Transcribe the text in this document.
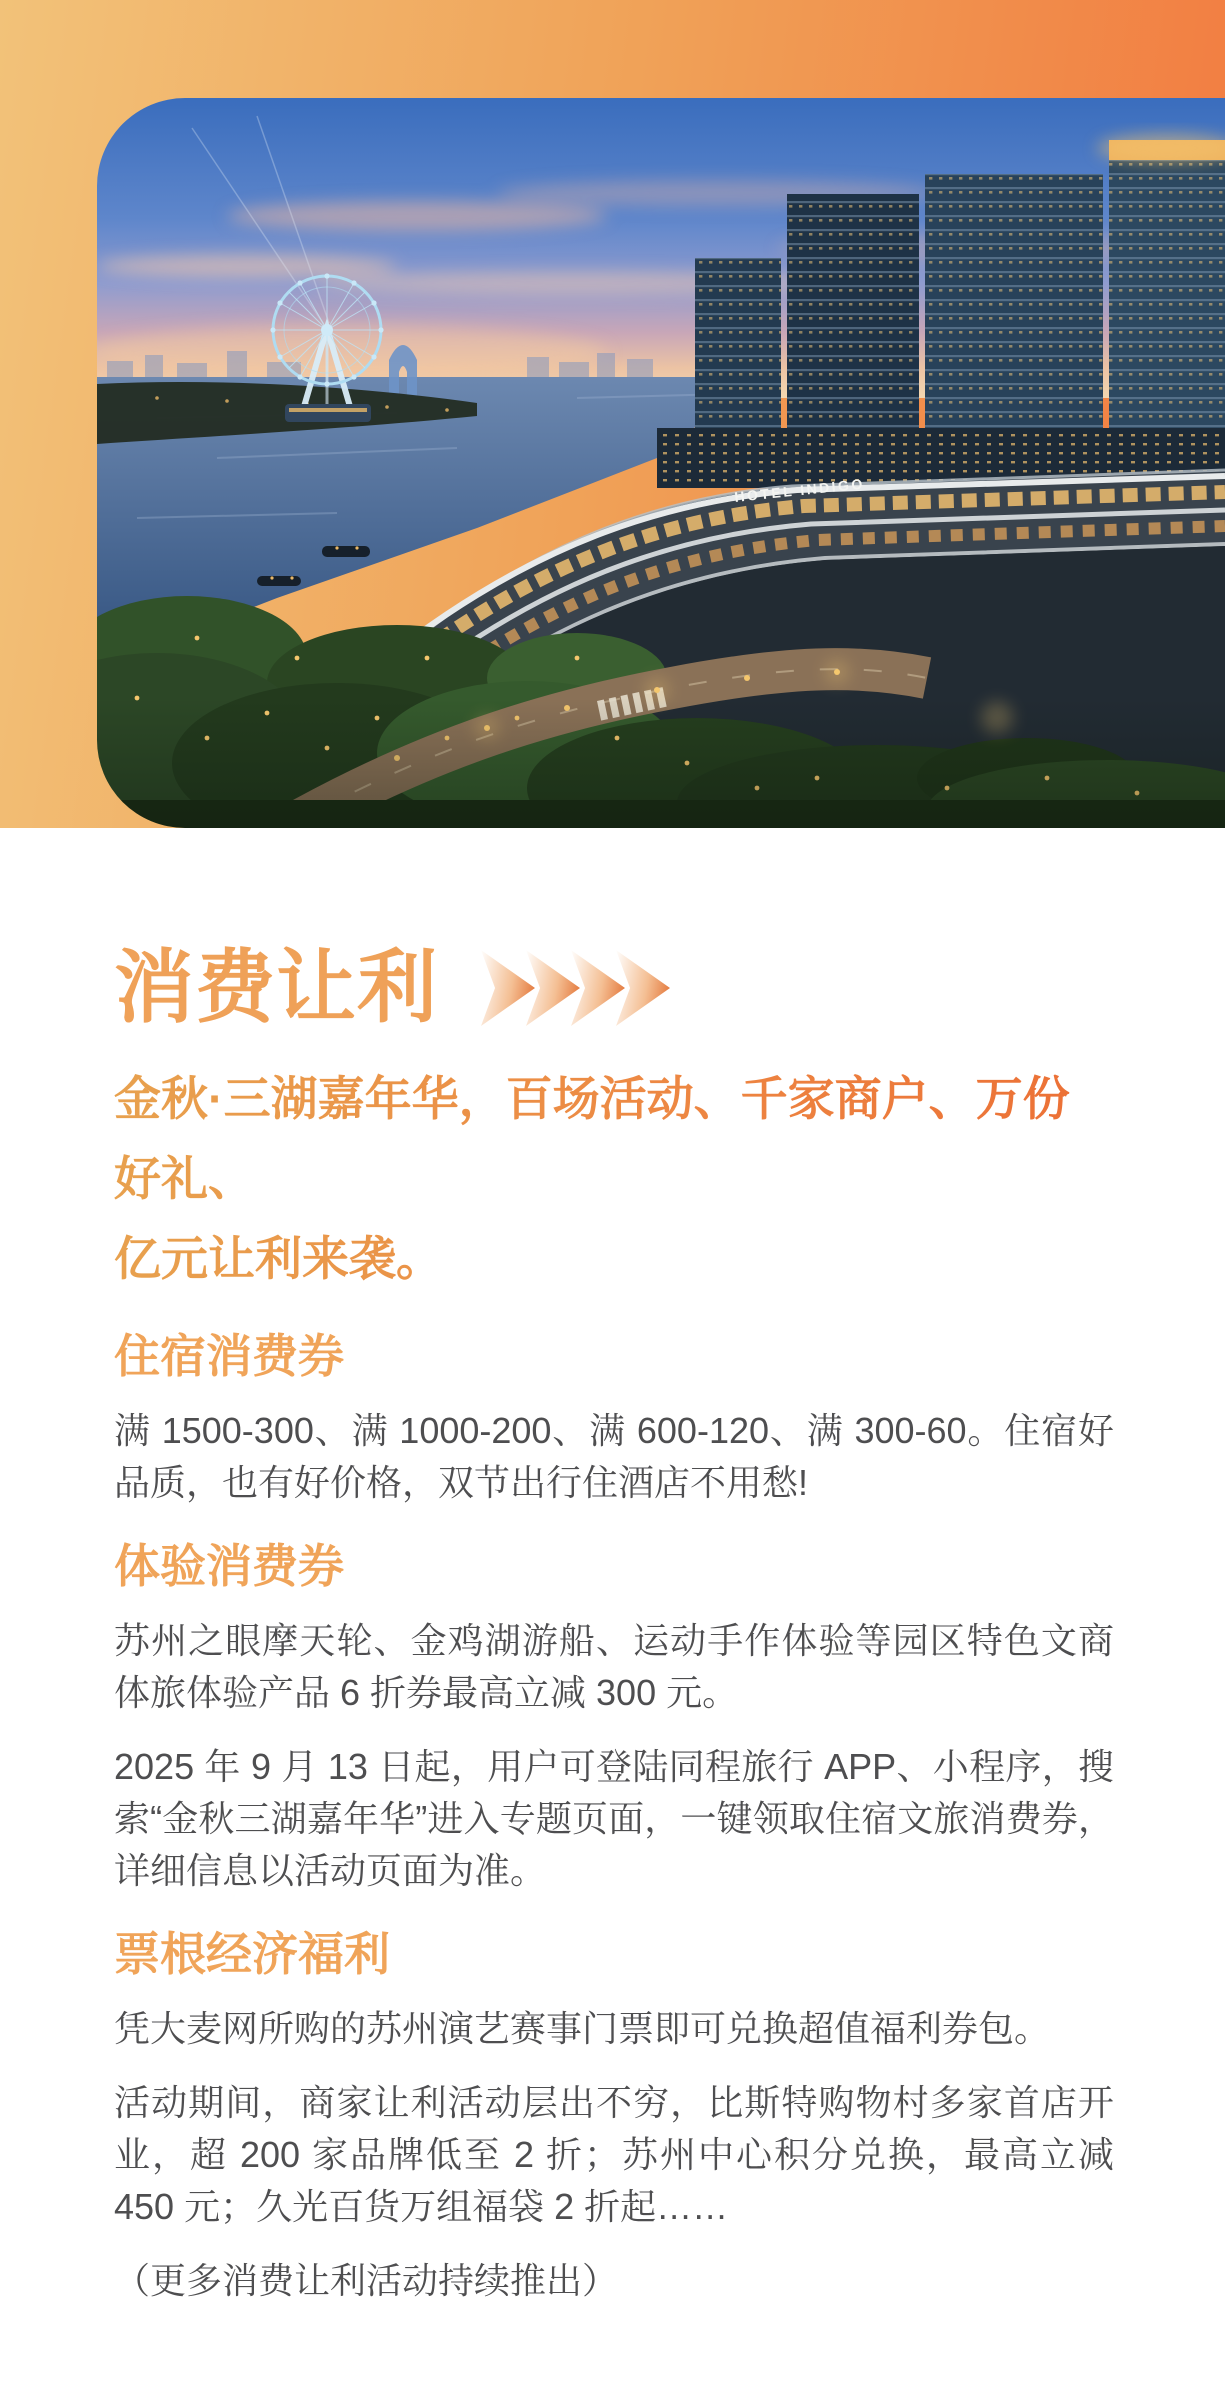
HOTEL INDIGO
消费让利
金秋·三湖嘉年华，百场活动、千家商户、万份好礼、
亿元让利来袭。
住宿消费券

满 1500-300、满 1000-200、满 600-120、满 300-60。住宿好品质，也有好价格，双节出行住酒店不用愁!

体验消费券

苏州之眼摩天轮、金鸡湖游船、运动手作体验等园区特色文商体旅体验产品 6 折券最高立减 300 元。

2025 年 9 月 13 日起，用户可登陆同程旅行 APP、小程序，搜索“金秋三湖嘉年华”进入专题页面，一键领取住宿文旅消费券，详细信息以活动页面为准。

票根经济福利

凭大麦网所购的苏州演艺赛事门票即可兑换超值福利券包。

活动期间，商家让利活动层出不穷，比斯特购物村多家首店开业，超 200 家品牌低至 2 折；苏州中心积分兑换，最高立减 450 元；久光百货万组福袋 2 折起……

（更多消费让利活动持续推出）
